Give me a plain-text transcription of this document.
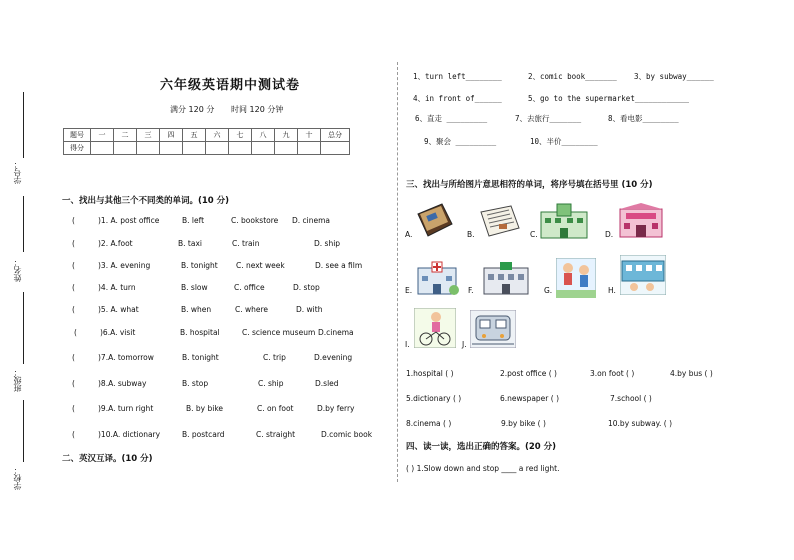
学号：
姓名：
班级：
学校：
六年级英语期中测试卷
满分 120 分 时间 120 分钟
题号	一	二	三	四	五	六	七	八	九	十	总分
得分											
一、找出与其他三个不同类的单词。(10 分)
(	)1. A. post office	B. left	C. bookstore D. cinema
(	)2. A.foot	B. taxi	C. train	D. ship
(	)3. A. evening	B. tonight C. next week	D. see a film
(	)4. A. turn	B. slow	C. office	D. stop
(	)5. A. what	B. when	C. where	D. with
(	)6.A. visit	B. hospital	C. science museum D.cinema
(	)7.A. tomorrow	B. tonight	C. trip	D.evening
(	)8.A. subway	B. stop	C. ship	D.sled
(	)9.A. turn right	B. by bike	C. on foot	D.by ferry
(	)10.A. dictionary	B. postcard	C. straight	D.comic book
二、英汉互译。(10 分)
1、turn left________	2、comic book_______ 3、by subway______
4、in front of______	5、go to the supermarket____________
6、直走 _________	7、去旅行_______	8、看电影________
9、聚会 _________	10、半价________
三、找出与所给图片意思相符的单词，将序号填在括号里 (10 分)
A.	B.	C.	D.
E.	F.	G.	H.
I.	J.
1.hospital ( )	2.post office ( )	3.on foot ( )	4.by bus ( )
5.dictionary ( )	6.newspaper ( )	7.school ( )
8.cinema ( )	9.by bike ( )	10.by subway. ( )
四、读一读，选出正确的答案。(20 分)
( ) 1.Slow down and stop ____ a red light.
